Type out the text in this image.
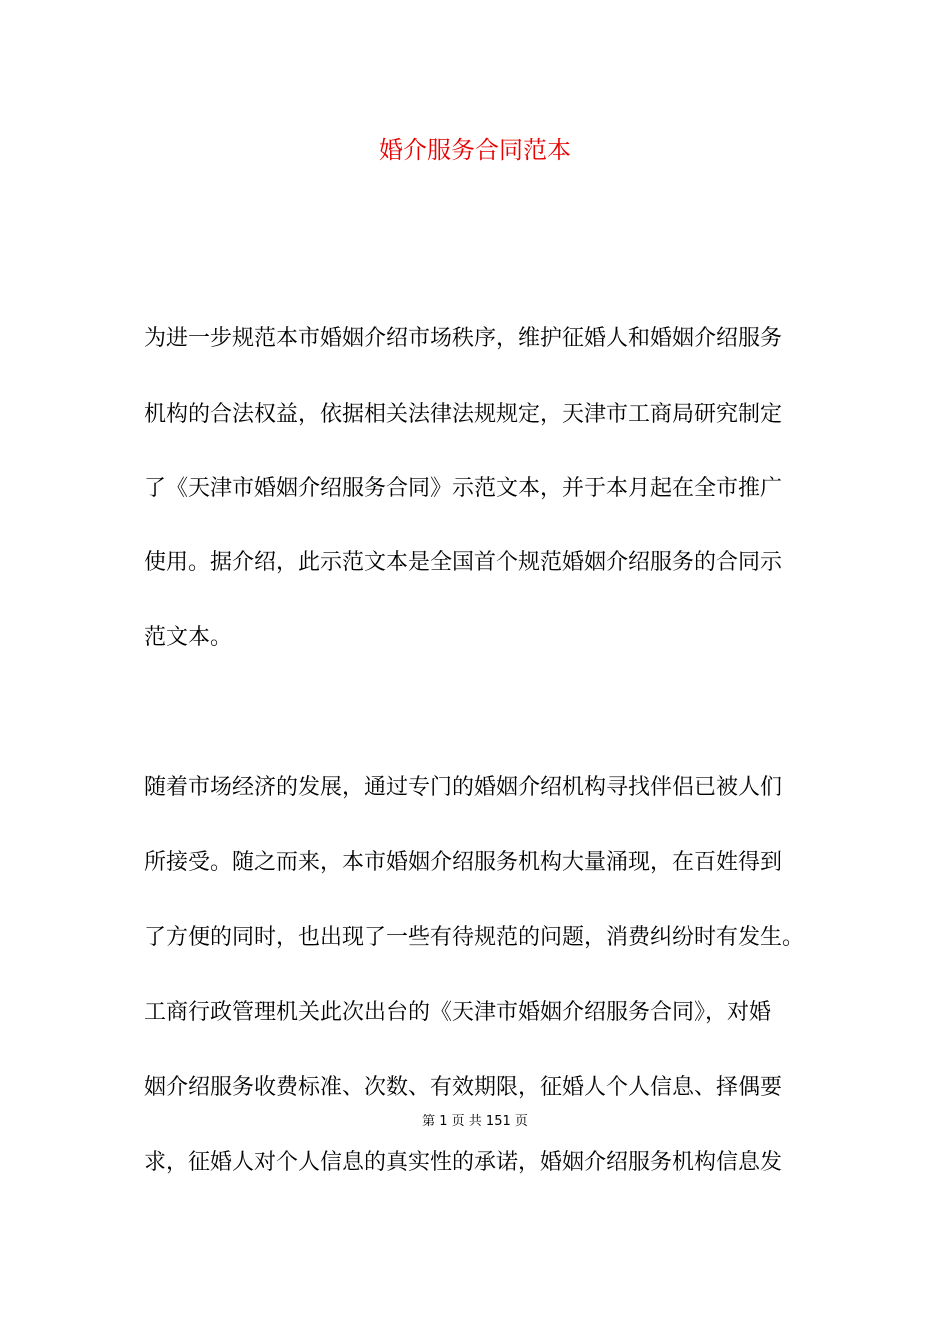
婚介服务合同范本
为进一步规范本市婚姻介绍市场秩序，维护征婚人和婚姻介绍服务
机构的合法权益，依据相关法律法规规定，天津市工商局研究制定
了《天津市婚姻介绍服务合同》示范文本，并于本月起在全市推广
使用。据介绍，此示范文本是全国首个规范婚姻介绍服务的合同示
范文本。
随着市场经济的发展，通过专门的婚姻介绍机构寻找伴侣已被人们
所接受。随之而来，本市婚姻介绍服务机构大量涌现，在百姓得到
了方便的同时，也出现了一些有待规范的问题，消费纠纷时有发生。
工商行政管理机关此次出台的《天津市婚姻介绍服务合同》，对婚
姻介绍服务收费标准、次数、有效期限，征婚人个人信息、择偶要
第 1 页 共 151 页
求，征婚人对个人信息的真实性的承诺，婚姻介绍服务机构信息发
